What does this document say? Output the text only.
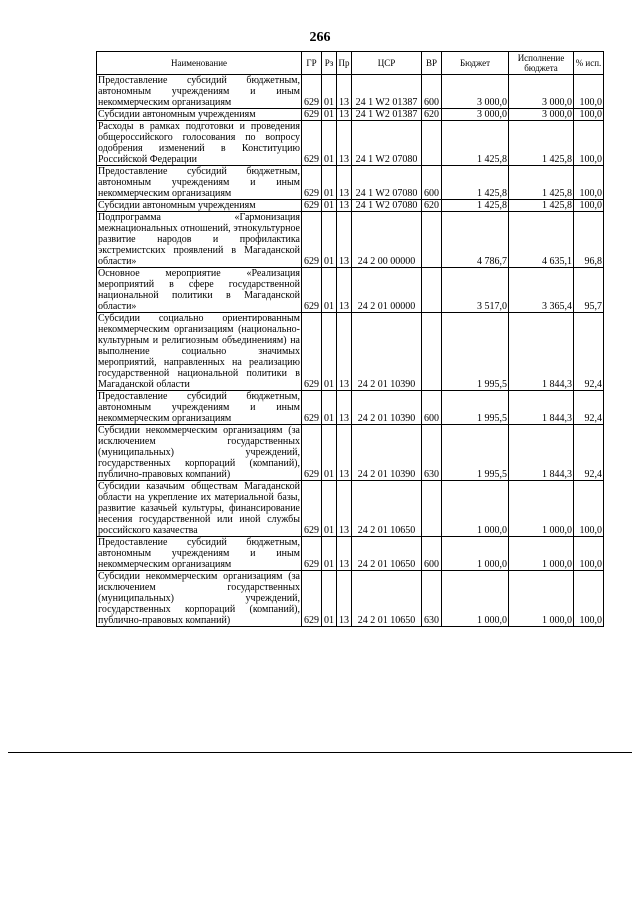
266
Наименование	ГР	Рз	Пр	ЦСР	ВР	Бюджет	Исполнение бюджета	% исп.
Предоставление субсидий бюджетным, автономным учреждениям и иным некоммерческим организациям	629	01	13	24 1 W2 01387	600	3 000,0	3 000,0	100,0
Субсидии автономным учреждениям	629	01	13	24 1 W2 01387	620	3 000,0	3 000,0	100,0
Расходы в рамках подготовки и проведения общероссийского голосования по вопросу одобрения изменений в Конституцию Российской Федерации	629	01	13	24 1 W2 07080		1 425,8	1 425,8	100,0
Предоставление субсидий бюджетным, автономным учреждениям и иным некоммерческим организациям	629	01	13	24 1 W2 07080	600	1 425,8	1 425,8	100,0
Субсидии автономным учреждениям	629	01	13	24 1 W2 07080	620	1 425,8	1 425,8	100,0
Подпрограмма «Гармонизация межнациональных отношений, этнокультурное развитие народов и профилактика экстремистских проявлений в Магаданской области»	629	01	13	24 2 00 00000		4 786,7	4 635,1	96,8
Основное мероприятие «Реализация мероприятий в сфере государственной национальной политики в Магаданской области»	629	01	13	24 2 01 00000		3 517,0	3 365,4	95,7
Субсидии социально ориентированным некоммерческим организациям (национально-культурным и религиозным объединениям) на выполнение социально значимых мероприятий, направленных на реализацию государственной национальной политики в Магаданской области	629	01	13	24 2 01 10390		1 995,5	1 844,3	92,4
Предоставление субсидий бюджетным, автономным учреждениям и иным некоммерческим организациям	629	01	13	24 2 01 10390	600	1 995,5	1 844,3	92,4
Субсидии некоммерческим организациям (за исключением государственных (муниципальных) учреждений, государственных корпораций (компаний), публично-правовых компаний)	629	01	13	24 2 01 10390	630	1 995,5	1 844,3	92,4
Субсидии казачьим обществам Магаданской области на укрепление их материальной базы, развитие казачьей культуры, финансирование несения государственной или иной службы российского казачества	629	01	13	24 2 01 10650		1 000,0	1 000,0	100,0
Предоставление субсидий бюджетным, автономным учреждениям и иным некоммерческим организациям	629	01	13	24 2 01 10650	600	1 000,0	1 000,0	100,0
Субсидии некоммерческим организациям (за исключением государственных (муниципальных) учреждений, государственных корпораций (компаний), публично-правовых компаний)	629	01	13	24 2 01 10650	630	1 000,0	1 000,0	100,0
